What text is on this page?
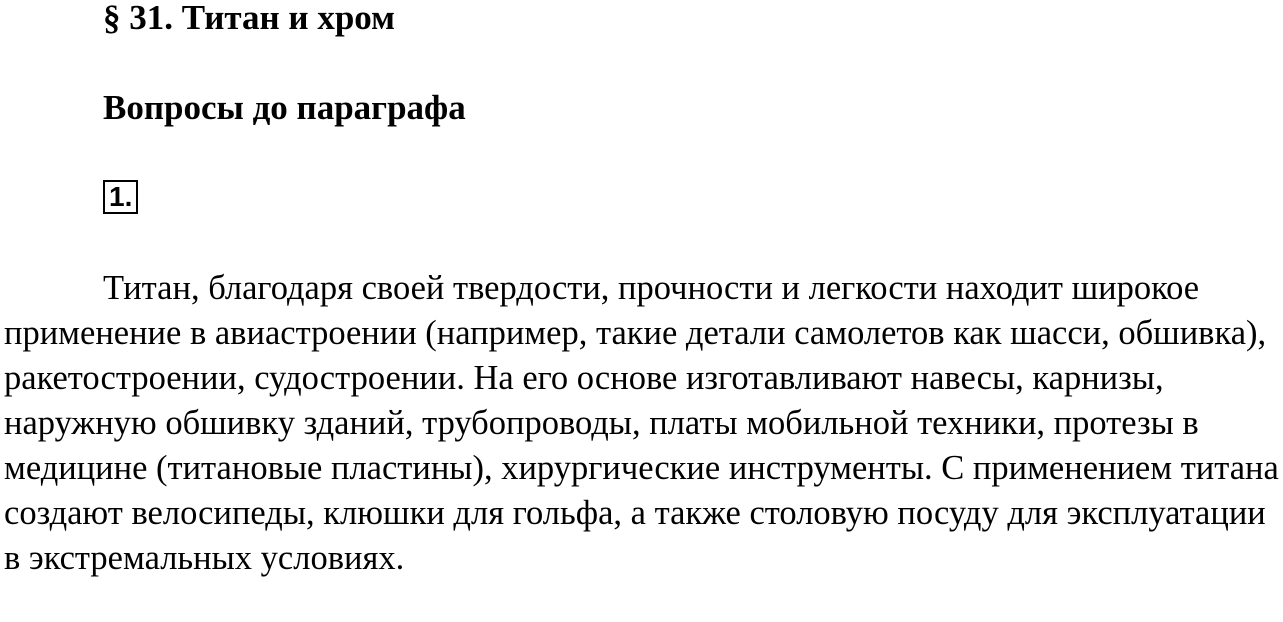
§ 31. Титан и хром
Вопросы до параграфа
1.

Титан, благодаря своей твердости, прочности и легкости находит широкое применение в авиастроении (например, такие детали самолетов как шасси, обшивка), ракетостроении, судостроении. На его основе изготавливают навесы, карнизы, наружную обшивку зданий, трубопроводы, платы мобильной техники, протезы в медицине (титановые пластины), хирургические инструменты. С применением титана создают велосипеды, клюшки для гольфа, а также столовую посуду для эксплуатации в экстремальных условиях.
